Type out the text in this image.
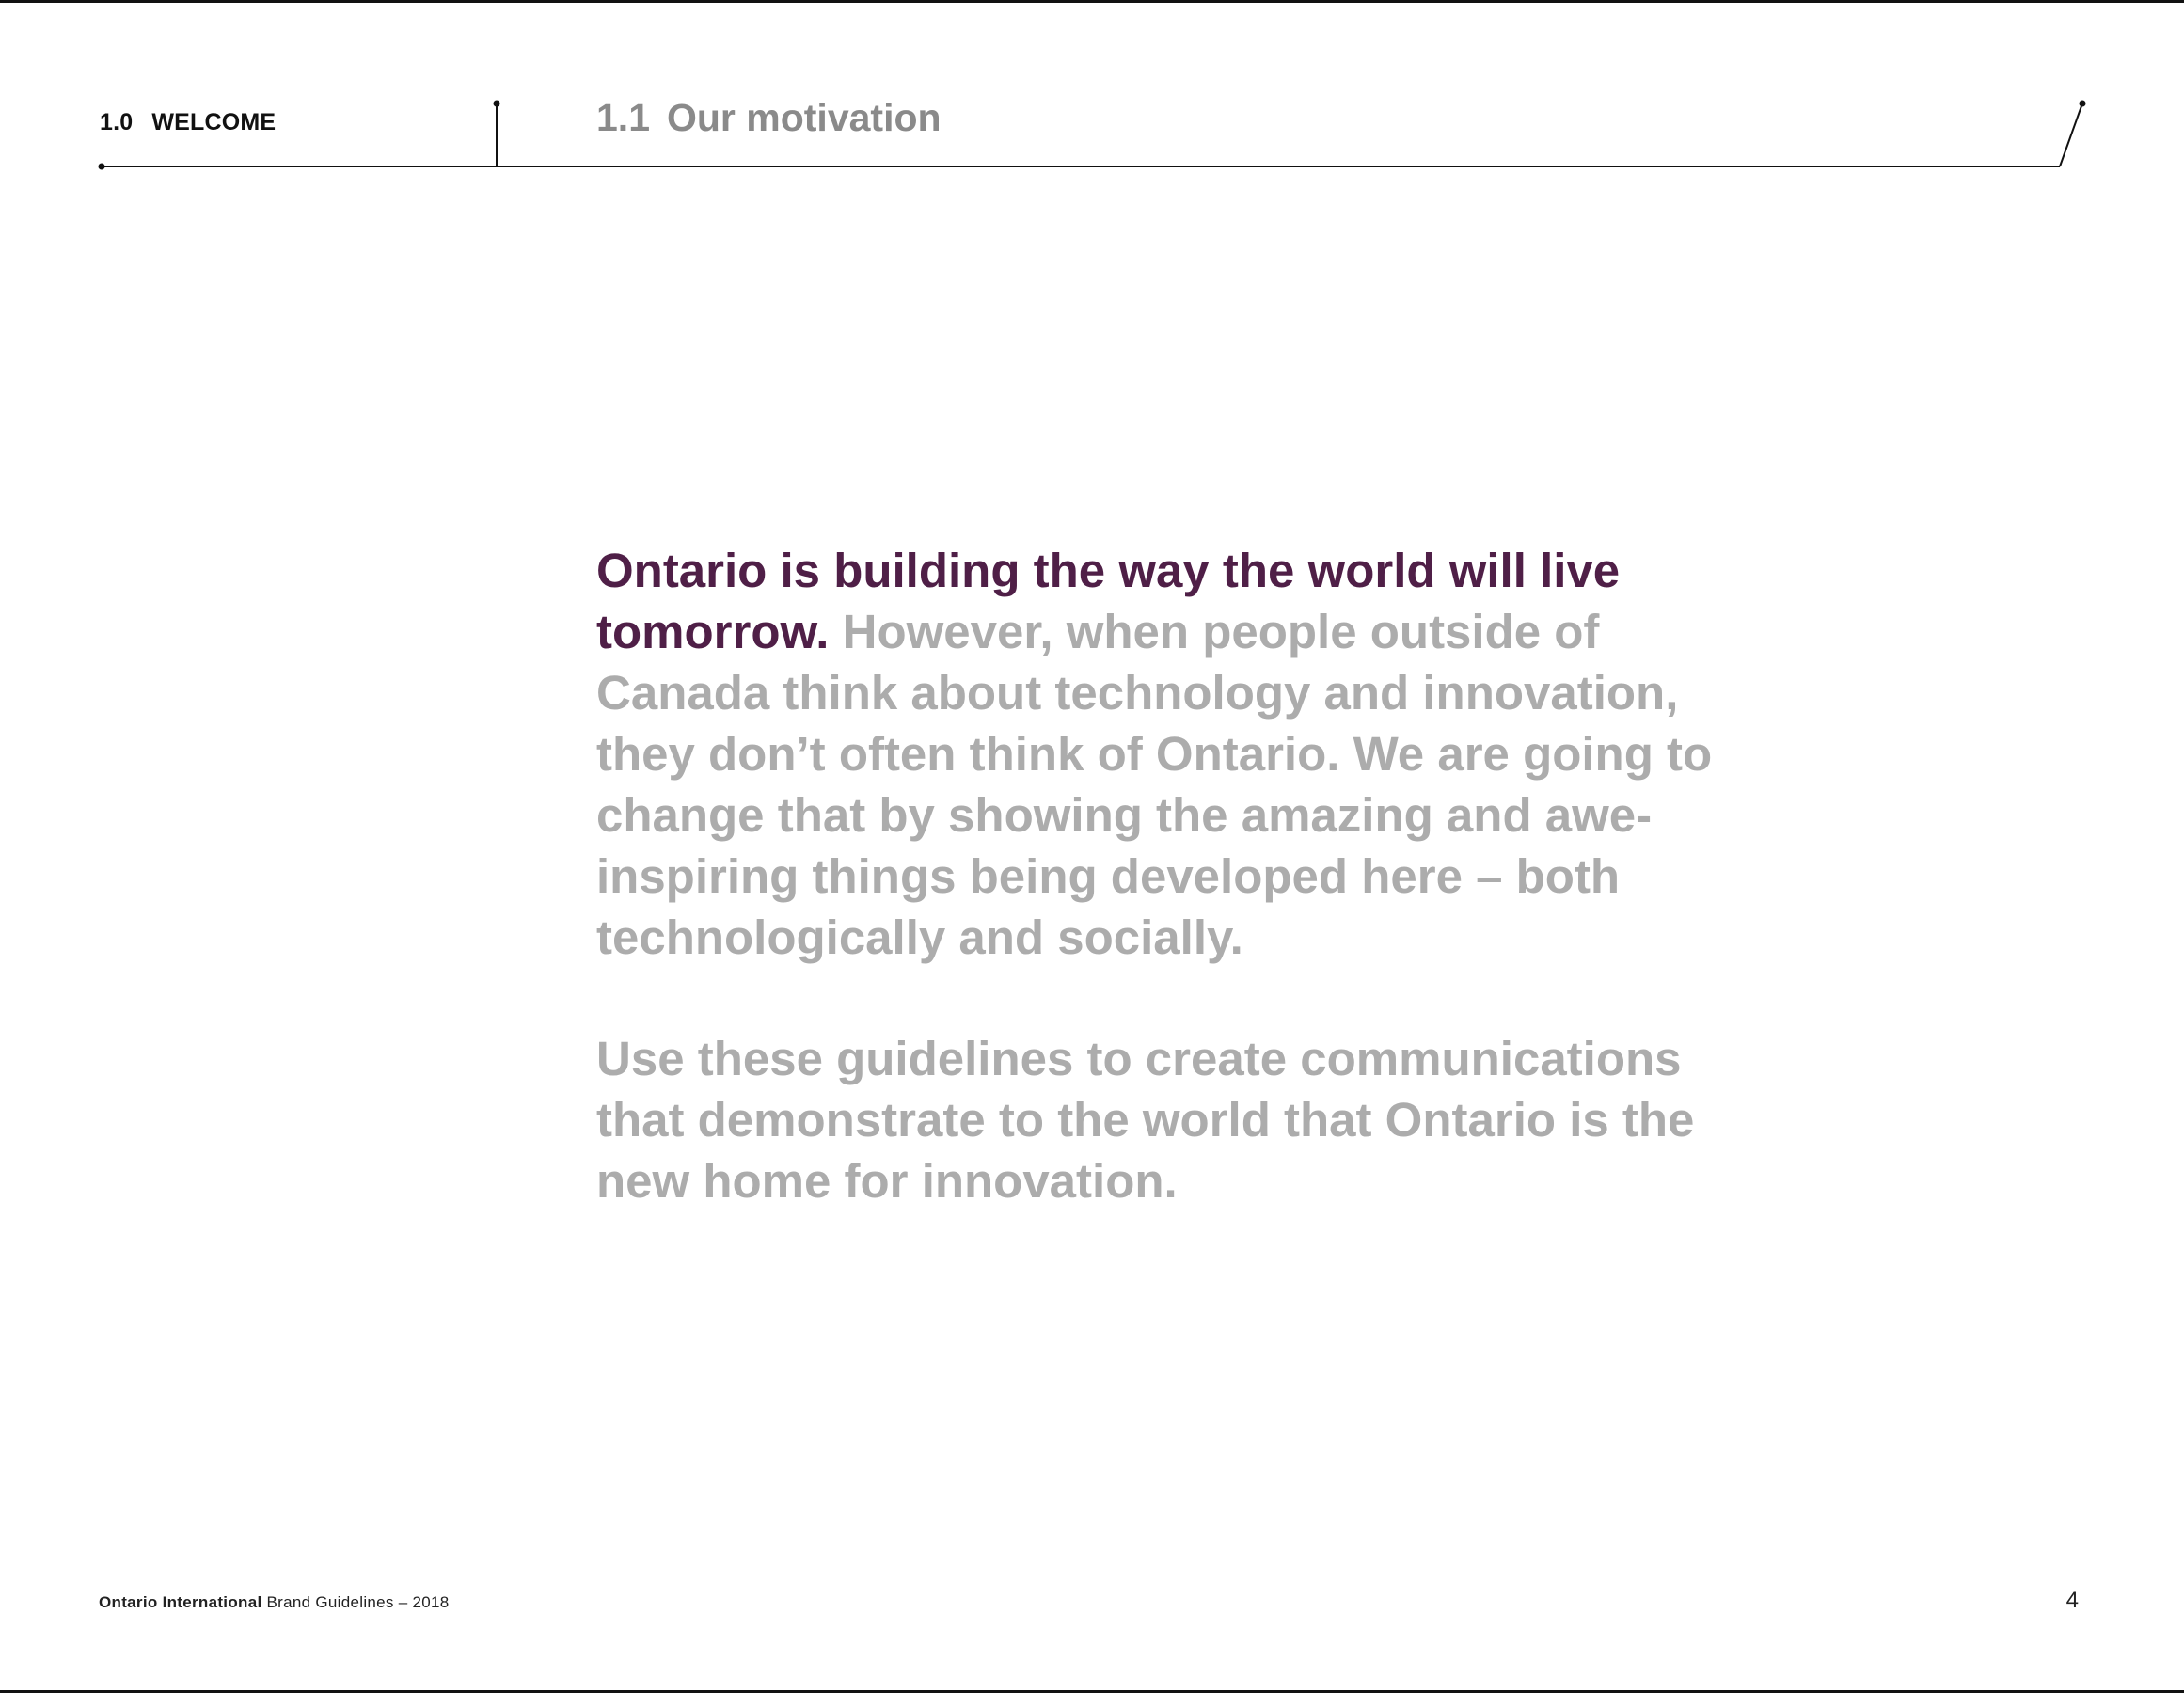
1.0 WELCOME	1.1 Our motivation

Ontario is building the way the world will live tomorrow. However, when people outside of Canada think about technology and innovation, they don’t often think of Ontario. We are going to change that by showing the amazing and awe-inspiring things being developed here – both technologically and socially.

Use these guidelines to create communications that demonstrate to the world that Ontario is the new home for innovation.

Ontario International Brand Guidelines – 2018	4
